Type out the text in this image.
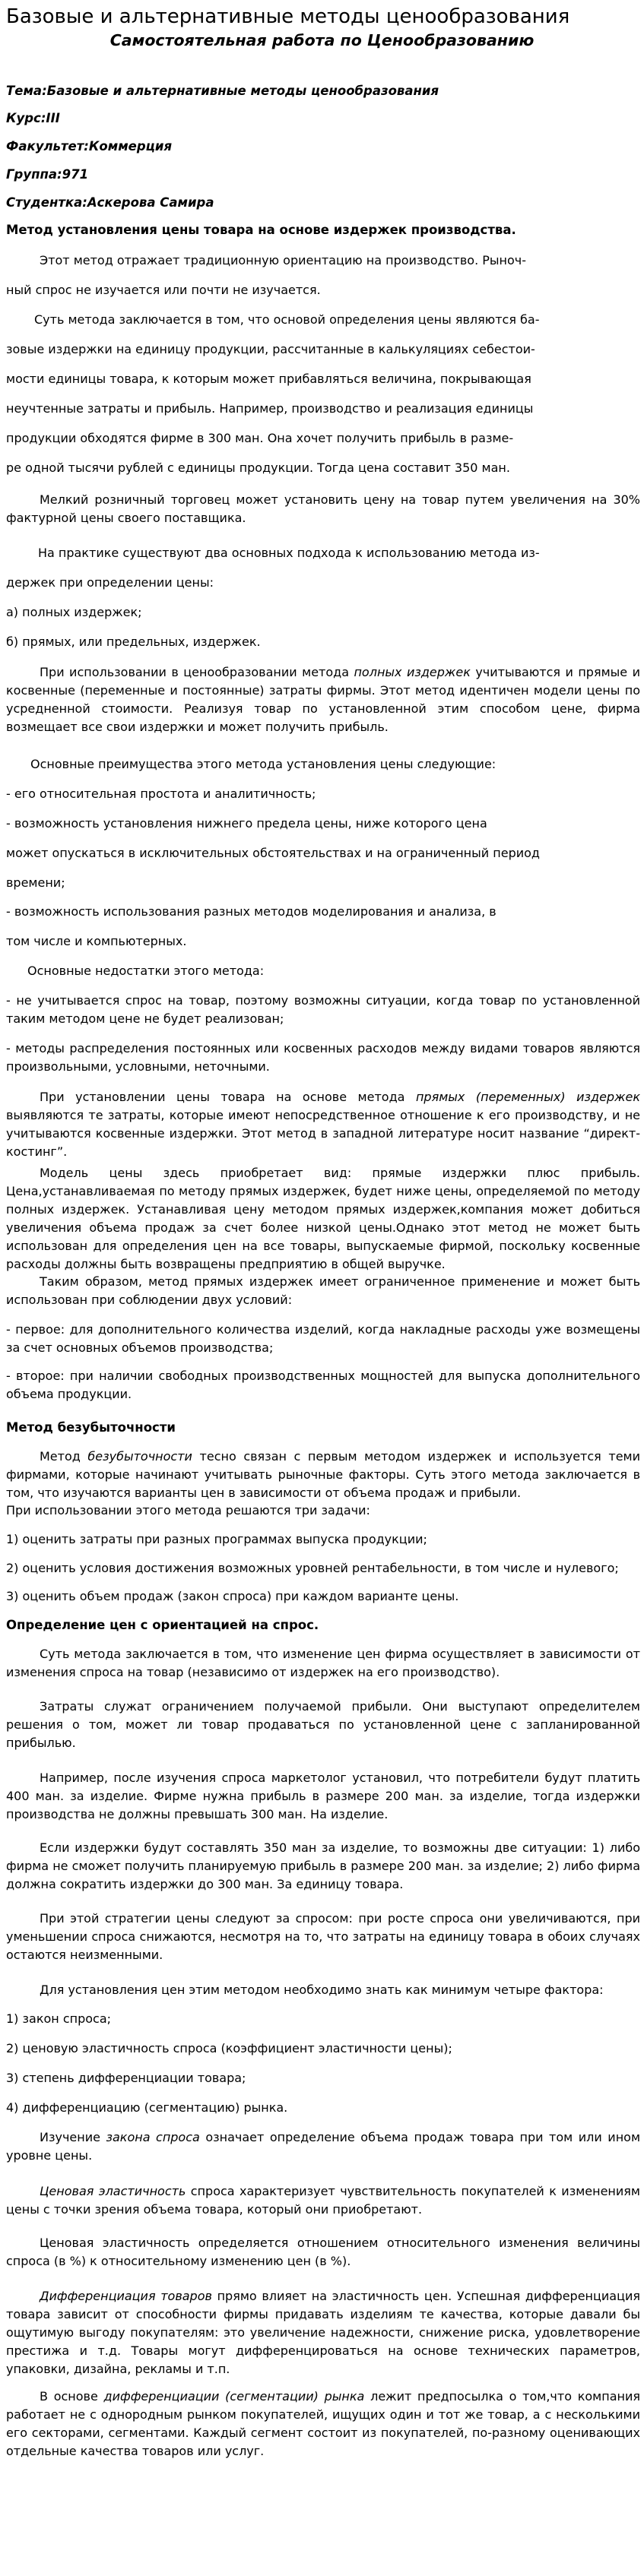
Базовые и альтернативные методы ценообразования
Самостоятельная работа по Ценообразованию
Тема:Базовые и альтернативные методы ценообразования
Курс:III
Факультет:Коммерция
Группа:971
Студентка:Аскерова Самира
Метод установления цены товара на основе издержек производства.
Этот метод отражает традиционную ориентацию на производство. Рыноч-
ный спрос не изучается или почти не изучается.
Суть метода заключается в том, что основой определения цены являются ба-
зовые издержки на единицу продукции, рассчитанные в калькуляциях себестои-
мости единицы товара, к которым может прибавляться величина, покрывающая
неучтенные затраты и прибыль. Например, производство и реализация единицы
продукции обходятся фирме в 300 ман. Она хочет получить прибыль в разме-
ре одной тысячи рублей с единицы продукции. Тогда цена составит 350 ман.
Мелкий розничный торговец может установить цену на товар путем увеличения на 30% фактурной цены своего поставщика.
На практике существуют два основных подхода к использованию метода из-
держек при определении цены:
а) полных издержек;
б) прямых, или предельных, издержек.
При использовании в ценообразовании метода полных издержек учитываются и прямые и косвенные (переменные и постоянные) затраты фирмы. Этот метод идентичен модели цены по усредненной стоимости. Реализуя товар по установленной этим способом цене, фирма возмещает все свои издержки и может получить прибыль.
Основные преимущества этого метода установления цены следующие:
- его относительная простота и аналитичность;
- возможность установления нижнего предела цены, ниже которого цена
может опускаться в исключительных обстоятельствах и на ограниченный период
времени;
- возможность использования разных методов моделирования и анализа, в
том числе и компьютерных.
Основные недостатки этого метода:
- не учитывается спрос на товар, поэтому возможны ситуации, когда товар по установленной таким методом цене не будет реализован;
- методы распределения постоянных или косвенных расходов между видами товаров являются произвольными, условными, неточными.
При установлении цены товара на основе метода прямых (переменных) издержек выявляются те затраты, которые имеют непосредственное отношение к его производству, и не учитываются косвенные издержки. Этот метод в западной литературе носит название “директ-костинг”.
Модель цены здесь приобретает вид: прямые издержки плюс прибыль. Цена,устанавливаемая по методу прямых издержек, будет ниже цены, определяемой по методу полных издержек. Устанавливая цену методом прямых издержек,компания может добиться увеличения объема продаж за счет более низкой цены.Однако этот метод не может быть использован для определения цен на все товары, выпускаемые фирмой, поскольку косвенные расходы должны быть возвращены предприятию в общей выручке.
Таким образом, метод прямых издержек имеет ограниченное применение и может быть использован при соблюдении двух условий:
- первое: для дополнительного количества изделий, когда накладные расходы уже возмещены за счет основных объемов производства;
- второе: при наличии свободных производственных мощностей для выпуска дополнительного объема продукции.
Метод безубыточности
Метод безубыточности тесно связан с первым методом издержек и используется теми фирмами, которые начинают учитывать рыночные факторы. Суть этого метода заключается в том, что изучаются варианты цен в зависимости от объема продаж и прибыли.
При использовании этого метода решаются три задачи:
1) оценить затраты при разных программах выпуска продукции;
2) оценить условия достижения возможных уровней рентабельности, в том числе и нулевого;
3) оценить объем продаж (закон спроса) при каждом варианте цены.
Определение цен с ориентацией на спрос.
Суть метода заключается в том, что изменение цен фирма осуществляет в зависимости от изменения спроса на товар (независимо от издержек на его производство).
Затраты служат ограничением получаемой прибыли. Они выступают определителем решения о том, может ли товар продаваться по установленной цене с запланированной прибылью.
Например, после изучения спроса маркетолог установил, что потребители будут платить 400 ман. за изделие. Фирме нужна прибыль в размере 200 ман. за изделие, тогда издержки производства не должны превышать 300 ман. На изделие.
Если издержки будут составлять 350 ман за изделие, то возможны две ситуации: 1) либо фирма не сможет получить планируемую прибыль в размере 200 ман. за изделие; 2) либо фирма должна сократить издержки до 300 ман. За единицу товара.
При этой стратегии цены следуют за спросом: при росте спроса они увеличиваются, при уменьшении спроса снижаются, несмотря на то, что затраты на единицу товара в обоих случаях остаются неизменными.
Для установления цен этим методом необходимо знать как минимум четыре фактора:
1) закон спроса;
2) ценовую эластичность спроса (коэффициент эластичности цены);
3) степень дифференциации товара;
4) дифференциацию (сегментацию) рынка.
Изучение закона спроса означает определение объема продаж товара при том или ином уровне цены.
Ценовая эластичность спроса характеризует чувствительность покупателей к изменениям цены с точки зрения объема товара, который они приобретают.
Ценовая эластичность определяется отношением относительного изменения величины спроса (в %) к относительному изменению цен (в %).
Дифференциация товаров прямо влияет на эластичность цен. Успешная дифференциация товара зависит от способности фирмы придавать изделиям те качества, которые давали бы ощутимую выгоду покупателям: это увеличение надежности, снижение риска, удовлетворение престижа и т.д. Товары могут дифференцироваться на основе технических параметров, упаковки, дизайна, рекламы и т.п.
В основе дифференциации (сегментации) рынка лежит предпосылка о том,что компания работает не с однородным рынком покупателей, ищущих один и тот же товар, а с несколькими его секторами, сегментами. Каждый сегмент состоит из покупателей, по-разному оценивающих отдельные качества товаров или услуг.
